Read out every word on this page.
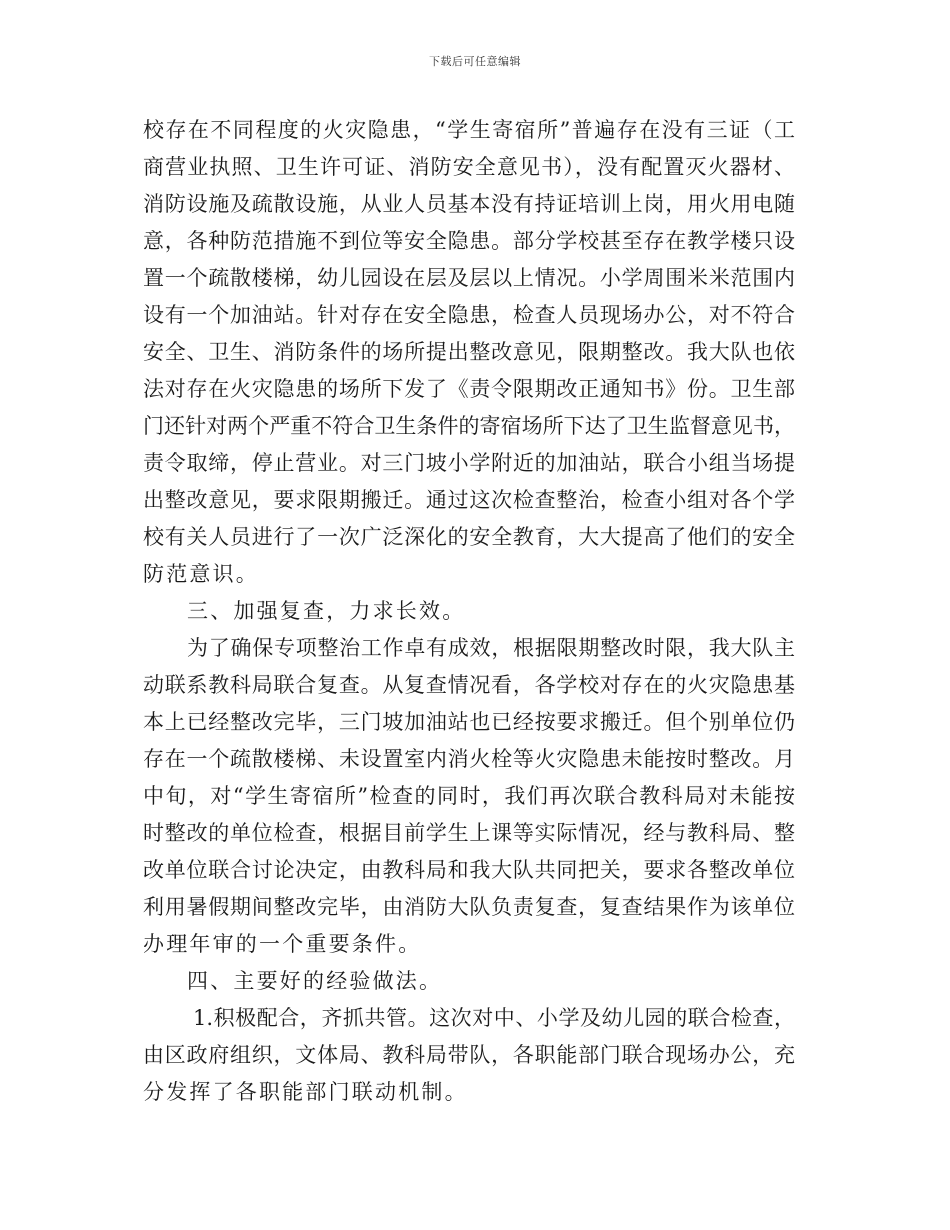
下载后可任意编辑
校存在不同程度的火灾隐患，“学生寄宿所”普遍存在没有三证（工
商营业执照、卫生许可证、消防安全意见书），没有配置灭火器材、
消防设施及疏散设施，从业人员基本没有持证培训上岗，用火用电随
意，各种防范措施不到位等安全隐患。部分学校甚至存在教学楼只设
置一个疏散楼梯，幼儿园设在层及层以上情况。小学周围米米范围内
设有一个加油站。针对存在安全隐患，检查人员现场办公，对不符合
安全、卫生、消防条件的场所提出整改意见，限期整改。我大队也依
法对存在火灾隐患的场所下发了《责令限期改正通知书》份。卫生部
门还针对两个严重不符合卫生条件的寄宿场所下达了卫生监督意见书，
责令取缔，停止营业。对三门坡小学附近的加油站，联合小组当场提
出整改意见，要求限期搬迁。通过这次检查整治，检查小组对各个学
校有关人员进行了一次广泛深化的安全教育，大大提高了他们的安全
防范意识。
三、加强复查，力求长效。
为了确保专项整治工作卓有成效，根据限期整改时限，我大队主
动联系教科局联合复查。从复查情况看，各学校对存在的火灾隐患基
本上已经整改完毕，三门坡加油站也已经按要求搬迁。但个别单位仍
存在一个疏散楼梯、未设置室内消火栓等火灾隐患未能按时整改。月
中旬，对“学生寄宿所”检查的同时，我们再次联合教科局对未能按
时整改的单位检查，根据目前学生上课等实际情况，经与教科局、整
改单位联合讨论决定，由教科局和我大队共同把关，要求各整改单位
利用暑假期间整改完毕，由消防大队负责复查，复查结果作为该单位
办理年审的一个重要条件。
四、主要好的经验做法。
1.积极配合，齐抓共管。这次对中、小学及幼儿园的联合检查，
由区政府组织，文体局、教科局带队，各职能部门联合现场办公，充
分发挥了各职能部门联动机制。
